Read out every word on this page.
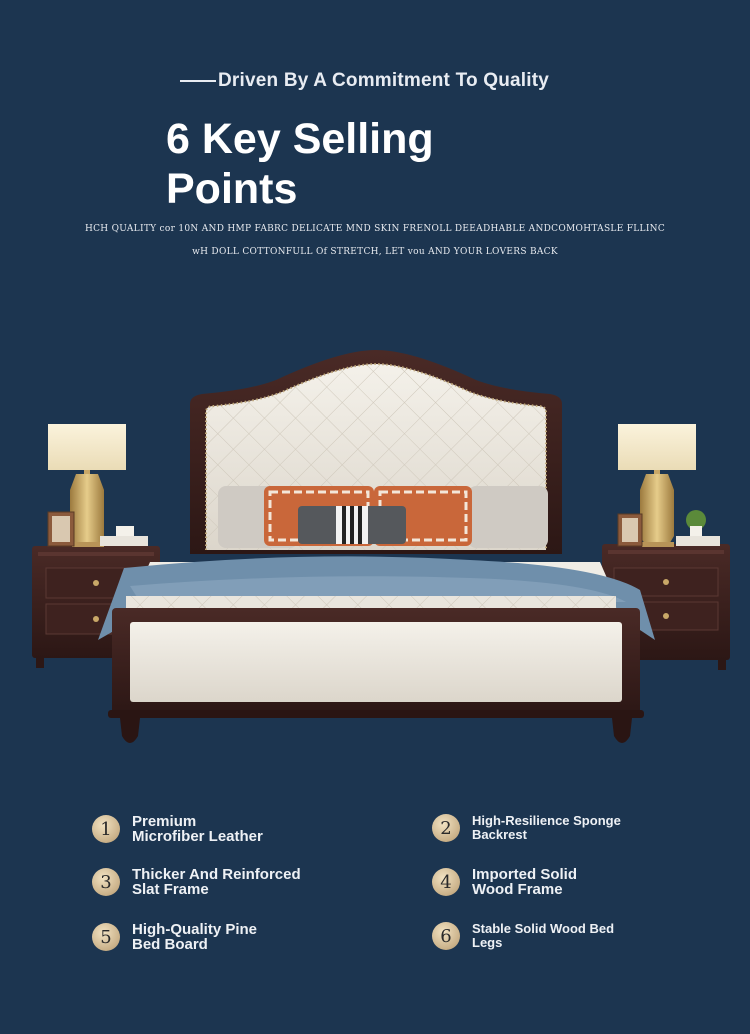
Driven By A Commitment To Quality
6 Key Selling
Points
HCH QUALITY cor 10N AND HMP FABRC DELICATE MND SKIN FRENOLL DEEADHABLE ANDCOMOHTASLE FLLINC
wH DOLL COTTONFULL Of STRETCH, LET vou AND YOUR LOVERS BACK
1	Premium
Microfiber Leather	2	High-Resilience Sponge
Backrest
3	Thicker And Reinforced
Slat Frame	4	Imported Solid
Wood Frame
5	High-Quality Pine
Bed Board	6	Stable Solid Wood Bed
Legs
